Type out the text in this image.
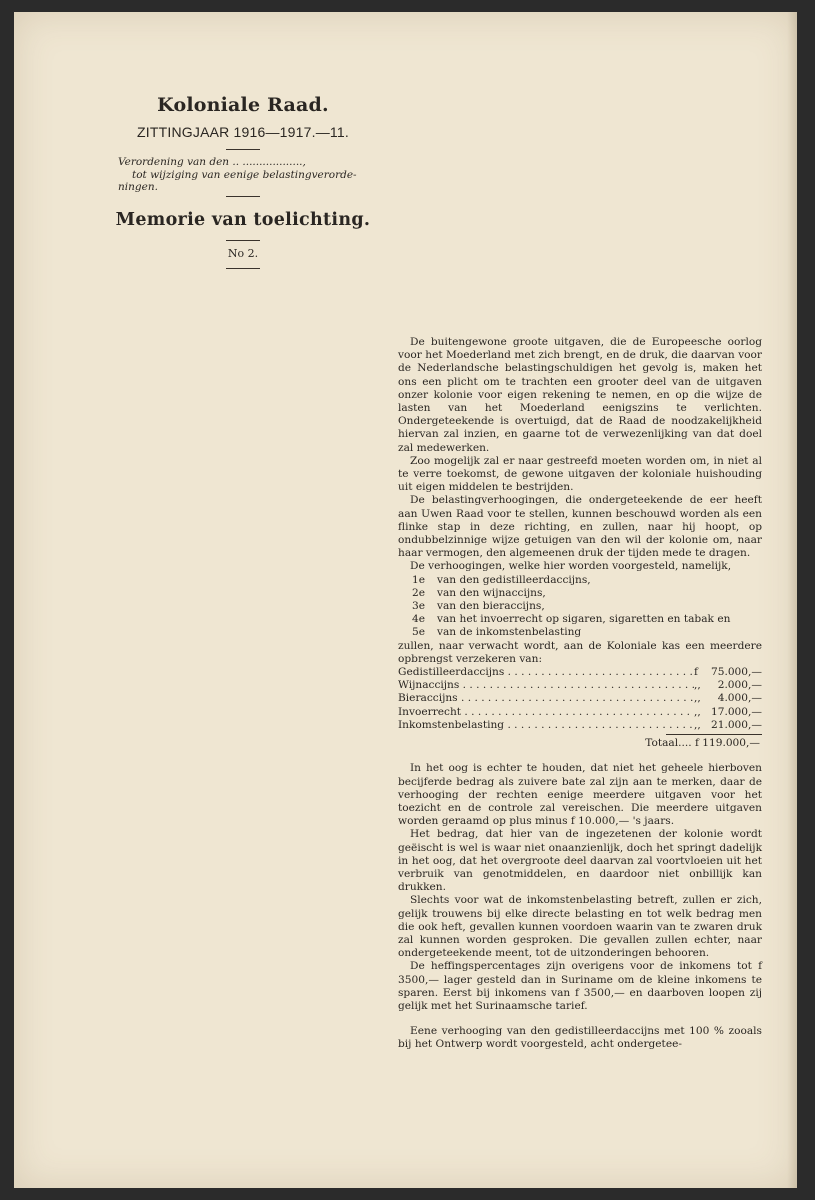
Koloniale Raad.
ZITTINGJAAR 1916—1917.—11.
Verordening van den .. ..................,
tot wijziging van eenige belastingverorde-
ningen.
Memorie van toelichting.
No 2.

De buitengewone groote uitgaven, die de Europeesche oorlog voor het Moederland met zich brengt, en de druk, die daarvan voor de Nederlandsche belastingschuldigen het gevolg is, maken het ons een plicht om te trachten een grooter deel van de uitgaven onzer kolonie voor eigen rekening te nemen, en op die wijze de lasten van het Moederland eenigszins te verlichten. Ondergeteekende is overtuigd, dat de Raad de noodzakelijkheid hiervan zal inzien, en gaarne tot de verwezenlijking van dat doel zal medewerken.

Zoo mogelijk zal er naar gestreefd moeten worden om, in niet al te verre toekomst, de gewone uitgaven der koloniale huishouding uit eigen middelen te bestrijden.

De belastingverhoogingen, die ondergeteekende de eer heeft aan Uwen Raad voor te stellen, kunnen beschouwd worden als een flinke stap in deze richting, en zullen, naar hij hoopt, op ondubbelzinnige wijze getuigen van den wil der kolonie om, naar haar vermogen, den algemeenen druk der tijden mede te dragen.

De verhoogingen, welke hier worden voorgesteld, namelijk,

1e	van den gedistilleerdaccijns,
2e	van den wijnaccijns,
3e	van den bieraccijns,
4e	van het invoerrecht op sigaren, sigaretten en tabak en
5e	van de inkomstenbelasting

zullen, naar verwacht wordt, aan de Koloniale kas een meerdere opbrengst verzekeren van:

Gedistilleerdaccijns . . .	f	75.000,—
Wijnaccijns . . .	,,	2.000,—
Bieraccijns . . .	,,	4.000,—
Invoerrecht . . .	,, 17.000,—
Inkomstenbelasting . . .	,, 21.000,—
Totaal.... f 119.000,—

In het oog is echter te houden, dat niet het geheele hierboven becijferde bedrag als zuivere bate zal zijn aan te merken, daar de verhooging der rechten eenige meerdere uitgaven voor het toezicht en de controle zal vereischen. Die meerdere uitgaven worden geraamd op plus minus f 10.000,— 's jaars.

Het bedrag, dat hier van de ingezetenen der kolonie wordt geëischt is wel is waar niet onaanzienlijk, doch het springt dadelijk in het oog, dat het overgroote deel daarvan zal voortvloeien uit het verbruik van genotmiddelen, en daardoor niet onbillijk kan drukken.

Slechts voor wat de inkomstenbelasting betreft, zullen er zich, gelijk trouwens bij elke directe belasting en tot welk bedrag men die ook heft, gevallen kunnen voordoen waarin van te zwaren druk zal kunnen worden gesproken. Die gevallen zullen echter, naar ondergeteekende meent, tot de uitzonderingen behooren.

De heffingspercentages zijn overigens voor de inkomens tot f 3500,— lager gesteld dan in Suriname om de kleine inkomens te sparen. Eerst bij inkomens van f 3500,— en daarboven loopen zij gelijk met het Surinaamsche tarief.

Eene verhooging van den gedistilleerdaccijns met 100 % zooals bij het Ontwerp wordt voorgesteld, acht ondergetee-
